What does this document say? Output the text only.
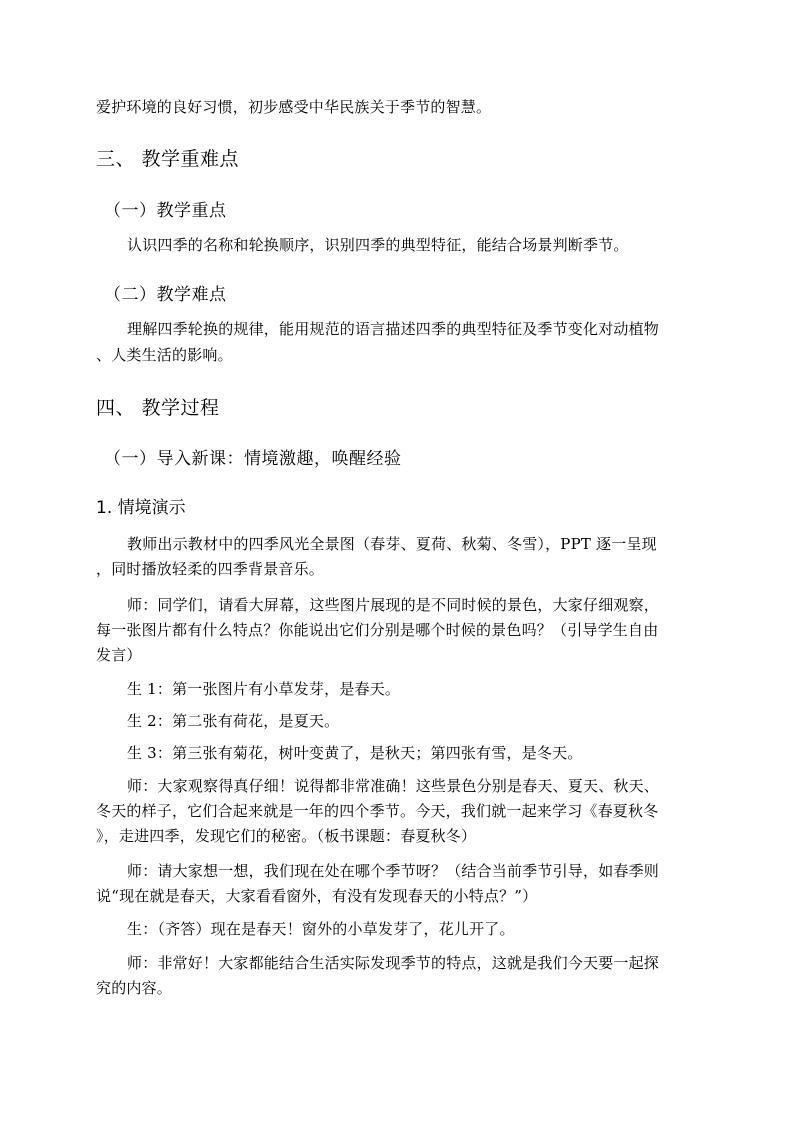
爱护环境的良好习惯，初步感受中华民族关于季节的智慧。
三、 教学重难点
（一）教学重点
认识四季的名称和轮换顺序，识别四季的典型特征，能结合场景判断季节。
（二）教学难点
理解四季轮换的规律，能用规范的语言描述四季的典型特征及季节变化对动植物
、人类生活的影响。
四、 教学过程
（一）导入新课：情境激趣，唤醒经验
1. 情境演示
教师出示教材中的四季风光全景图（春芽、夏荷、秋菊、冬雪），PPT 逐一呈现
，同时播放轻柔的四季背景音乐。
师：同学们，请看大屏幕，这些图片展现的是不同时候的景色，大家仔细观察，
每一张图片都有什么特点？你能说出它们分别是哪个时候的景色吗？（引导学生自由
发言）
生 1：第一张图片有小草发芽，是春天。
生 2：第二张有荷花，是夏天。
生 3：第三张有菊花，树叶变黄了，是秋天；第四张有雪，是冬天。
师：大家观察得真仔细！说得都非常准确！这些景色分别是春天、夏天、秋天、
冬天的样子，它们合起来就是一年的四个季节。今天，我们就一起来学习《春夏秋冬
》，走进四季，发现它们的秘密。（板书课题：春夏秋冬）
师：请大家想一想，我们现在处在哪个季节呀？（结合当前季节引导，如春季则
说“现在就是春天，大家看看窗外，有没有发现春天的小特点？”）
生：（齐答）现在是春天！窗外的小草发芽了，花儿开了。
师：非常好！大家都能结合生活实际发现季节的特点，这就是我们今天要一起探
究的内容。
